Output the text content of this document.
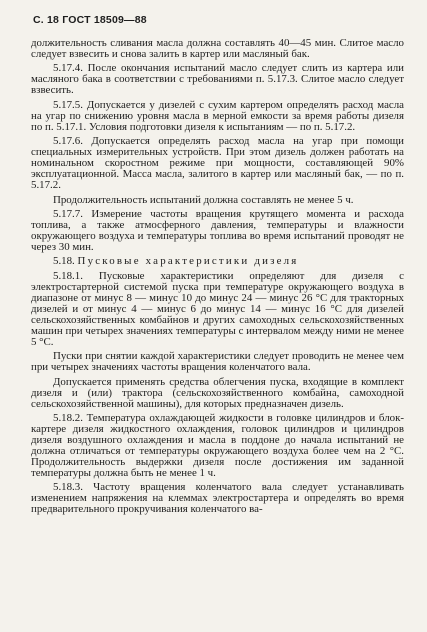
С. 18 ГОСТ 18509—88

должительность сливания масла должна составлять 40—45 мин. Слитое масло следует взвесить и снова залить в картер или масляный бак.

5.17.4. После окончания испытаний масло следует слить из картера или масляного бака в соответствии с требованиями п. 5.17.3. Слитое масло следует взвесить.

5.17.5. Допускается у дизелей с сухим картером определять расход масла на угар по снижению уровня масла в мерной емкости за время работы дизеля по п. 5.17.1. Условия подготовки дизеля к испытаниям — по п. 5.17.2.

5.17.6. Допускается определять расход масла на угар при помощи специальных измерительных устройств. При этом дизель должен работать на номинальном скоростном режиме при мощности, составляющей 90% эксплуатационной. Масса масла, залитого в картер или масляный бак, — по п. 5.17.2.

Продолжительность испытаний должна составлять не менее 5 ч.

5.17.7. Измерение частоты вращения крутящего момента и расхода топлива, а также атмосферного давления, температуры и влажности окружающего воздуха и температуры топлива во время испытаний проводят не через 30 мин.

5.18. Пусковые характеристики дизеля

5.18.1. Пусковые характеристики определяют для дизеля с электростартерной системой пуска при температуре окружающего воздуха в диапазоне от минус 8 — минус 10 до минус 24 — минус 26 °С для тракторных дизелей и от минус 4 — минус 6 до минус 14 — минус 16 °С для дизелей сельскохозяйственных комбайнов и других самоходных сельскохозяйственных машин при четырех значениях температуры с интервалом между ними не менее 5 °С.

Пуски при снятии каждой характеристики следует проводить не менее чем при четырех значениях частоты вращения коленчатого вала.

Допускается применять средства облегчения пуска, входящие в комплект дизеля и (или) трактора (сельскохозяйственного комбайна, самоходной сельскохозяйственной машины), для которых предназначен дизель.

5.18.2. Температура охлаждающей жидкости в головке цилиндров и блок-картере дизеля жидкостного охлаждения, головок цилиндров и цилиндров дизеля воздушного охлаждения и масла в поддоне до начала испытаний не должна отличаться от температуры окружающего воздуха более чем на 2 °С. Продолжительность выдержки дизеля после достижения им заданной температуры должна быть не менее 1 ч.

5.18.3. Частоту вращения коленчатого вала следует устанавливать изменением напряжения на клеммах электростартера и определять во время предварительного прокручивания коленчатого ва-
